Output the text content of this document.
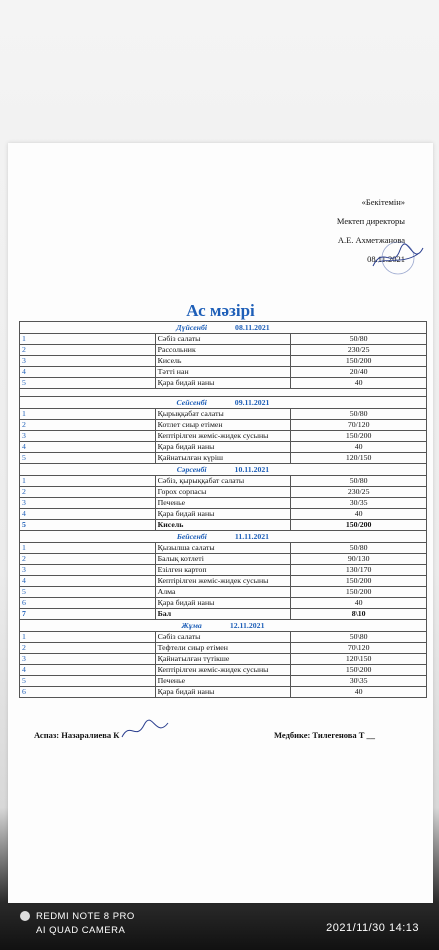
«Бекітемін»
Мектеп директоры
А.Е. Ахметжанова
08.11.2021
Ас мәзірі
Дүйсенбі 08.11.2021		
1	Сәбіз салаты	50/80
2	Рассольник	230/25
3	Кисель	150/200
4	Тәтті нан	20/40
5	Қара бидай наны	40

Сейсенбі 09.11.2021		
1	Қырыққабат салаты	50/80
2	Котлет сиыр етімен	70/120
3	Кептірілген жеміс-жидек сусыны	150/200
4	Қара бидай наны	40
5	Қайнатылған күріш	120/150
Сәрсенбі 10.11.2021		
1	Сәбіз, қырыққабат салаты	50/80
2	Горох сорпасы	230/25
3	Печенье	30/35
4	Қара бидай наны	40
5	Кисель	150/200
Бейсенбі 11.11.2021		
1	Қызылша салаты	50/80
2	Балық котлеті	90/130
3	Езілген картоп	130/170
4	Кептірілген жеміс-жидек сусыны	150/200
5	Алма	150/200
6	Қара бидай наны	40
7	Бал	8\10
Жұма 12.11.2021		
1	Сәбіз салаты	50\80
2	Тефтели сиыр етімен	70\120
3	Қайнатылған түтікше	120\150
4	Кептірілген жеміс-жидек сусыны	150\200
5	Печенье	30\35
6	Қара бидай наны	40
Аспаз: Назаралиева К	Медбике: Тилегенова Т __
REDMI NOTE 8 PRO
AI QUAD CAMERA	2021/11/30 14:13
